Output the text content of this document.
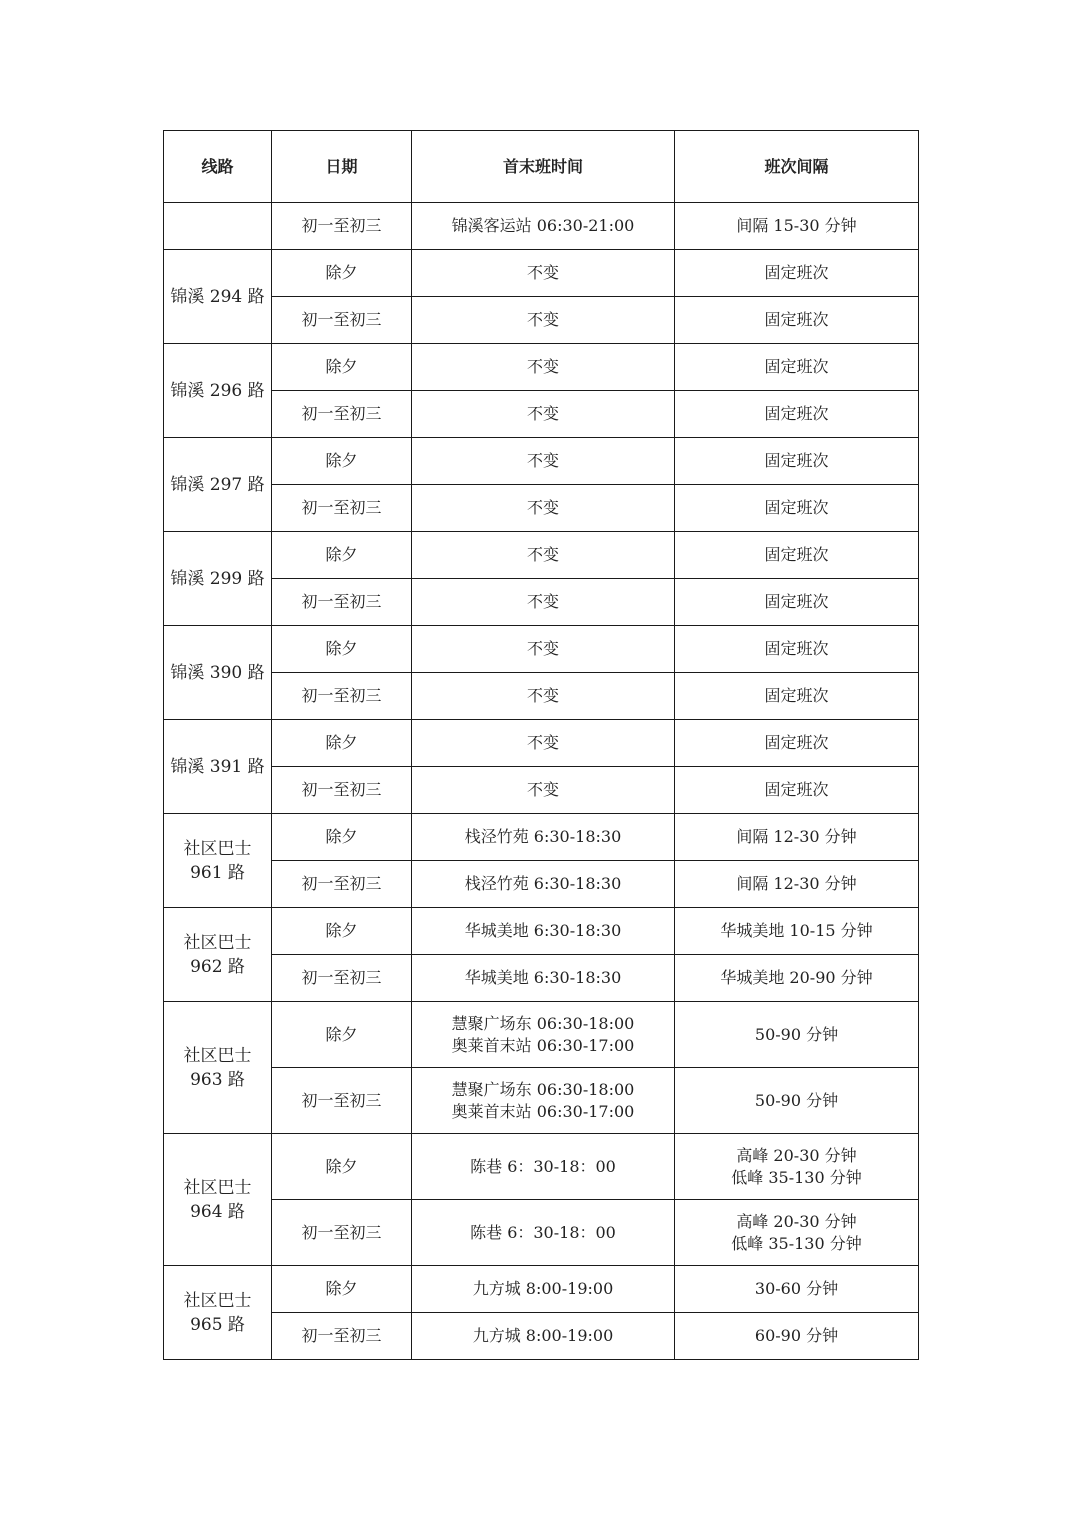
线路	日期	首末班时间	班次间隔

	初一至初三	锦溪客运站 06:30-21:00	间隔 15-30 分钟

锦溪 294 路	除夕	不变	固定班次

	初一至初三	不变	固定班次

锦溪 296 路	除夕	不变	固定班次

	初一至初三	不变	固定班次

锦溪 297 路	除夕	不变	固定班次

	初一至初三	不变	固定班次

锦溪 299 路	除夕	不变	固定班次

	初一至初三	不变	固定班次

锦溪 390 路	除夕	不变	固定班次

	初一至初三	不变	固定班次

锦溪 391 路	除夕	不变	固定班次

	初一至初三	不变	固定班次

社区巴士
961 路	除夕	栈泾竹苑 6:30-18:30	间隔 12-30 分钟

	初一至初三	栈泾竹苑 6:30-18:30	间隔 12-30 分钟

社区巴士
962 路	除夕	华城美地 6:30-18:30	华城美地 10-15 分钟

	初一至初三	华城美地 6:30-18:30	华城美地 20-90 分钟

社区巴士
963 路	除夕	慧聚广场东 06:30-18:00
奥莱首末站 06:30-17:00	50-90 分钟

	初一至初三	慧聚广场东 06:30-18:00
奥莱首末站 06:30-17:00	50-90 分钟

社区巴士
964 路	除夕	陈巷 6：30-18：00	高峰 20-30 分钟
低峰 35-130 分钟

	初一至初三	陈巷 6：30-18：00	高峰 20-30 分钟
低峰 35-130 分钟

社区巴士
965 路	除夕	九方城 8:00-19:00	30-60 分钟

	初一至初三	九方城 8:00-19:00	60-90 分钟
